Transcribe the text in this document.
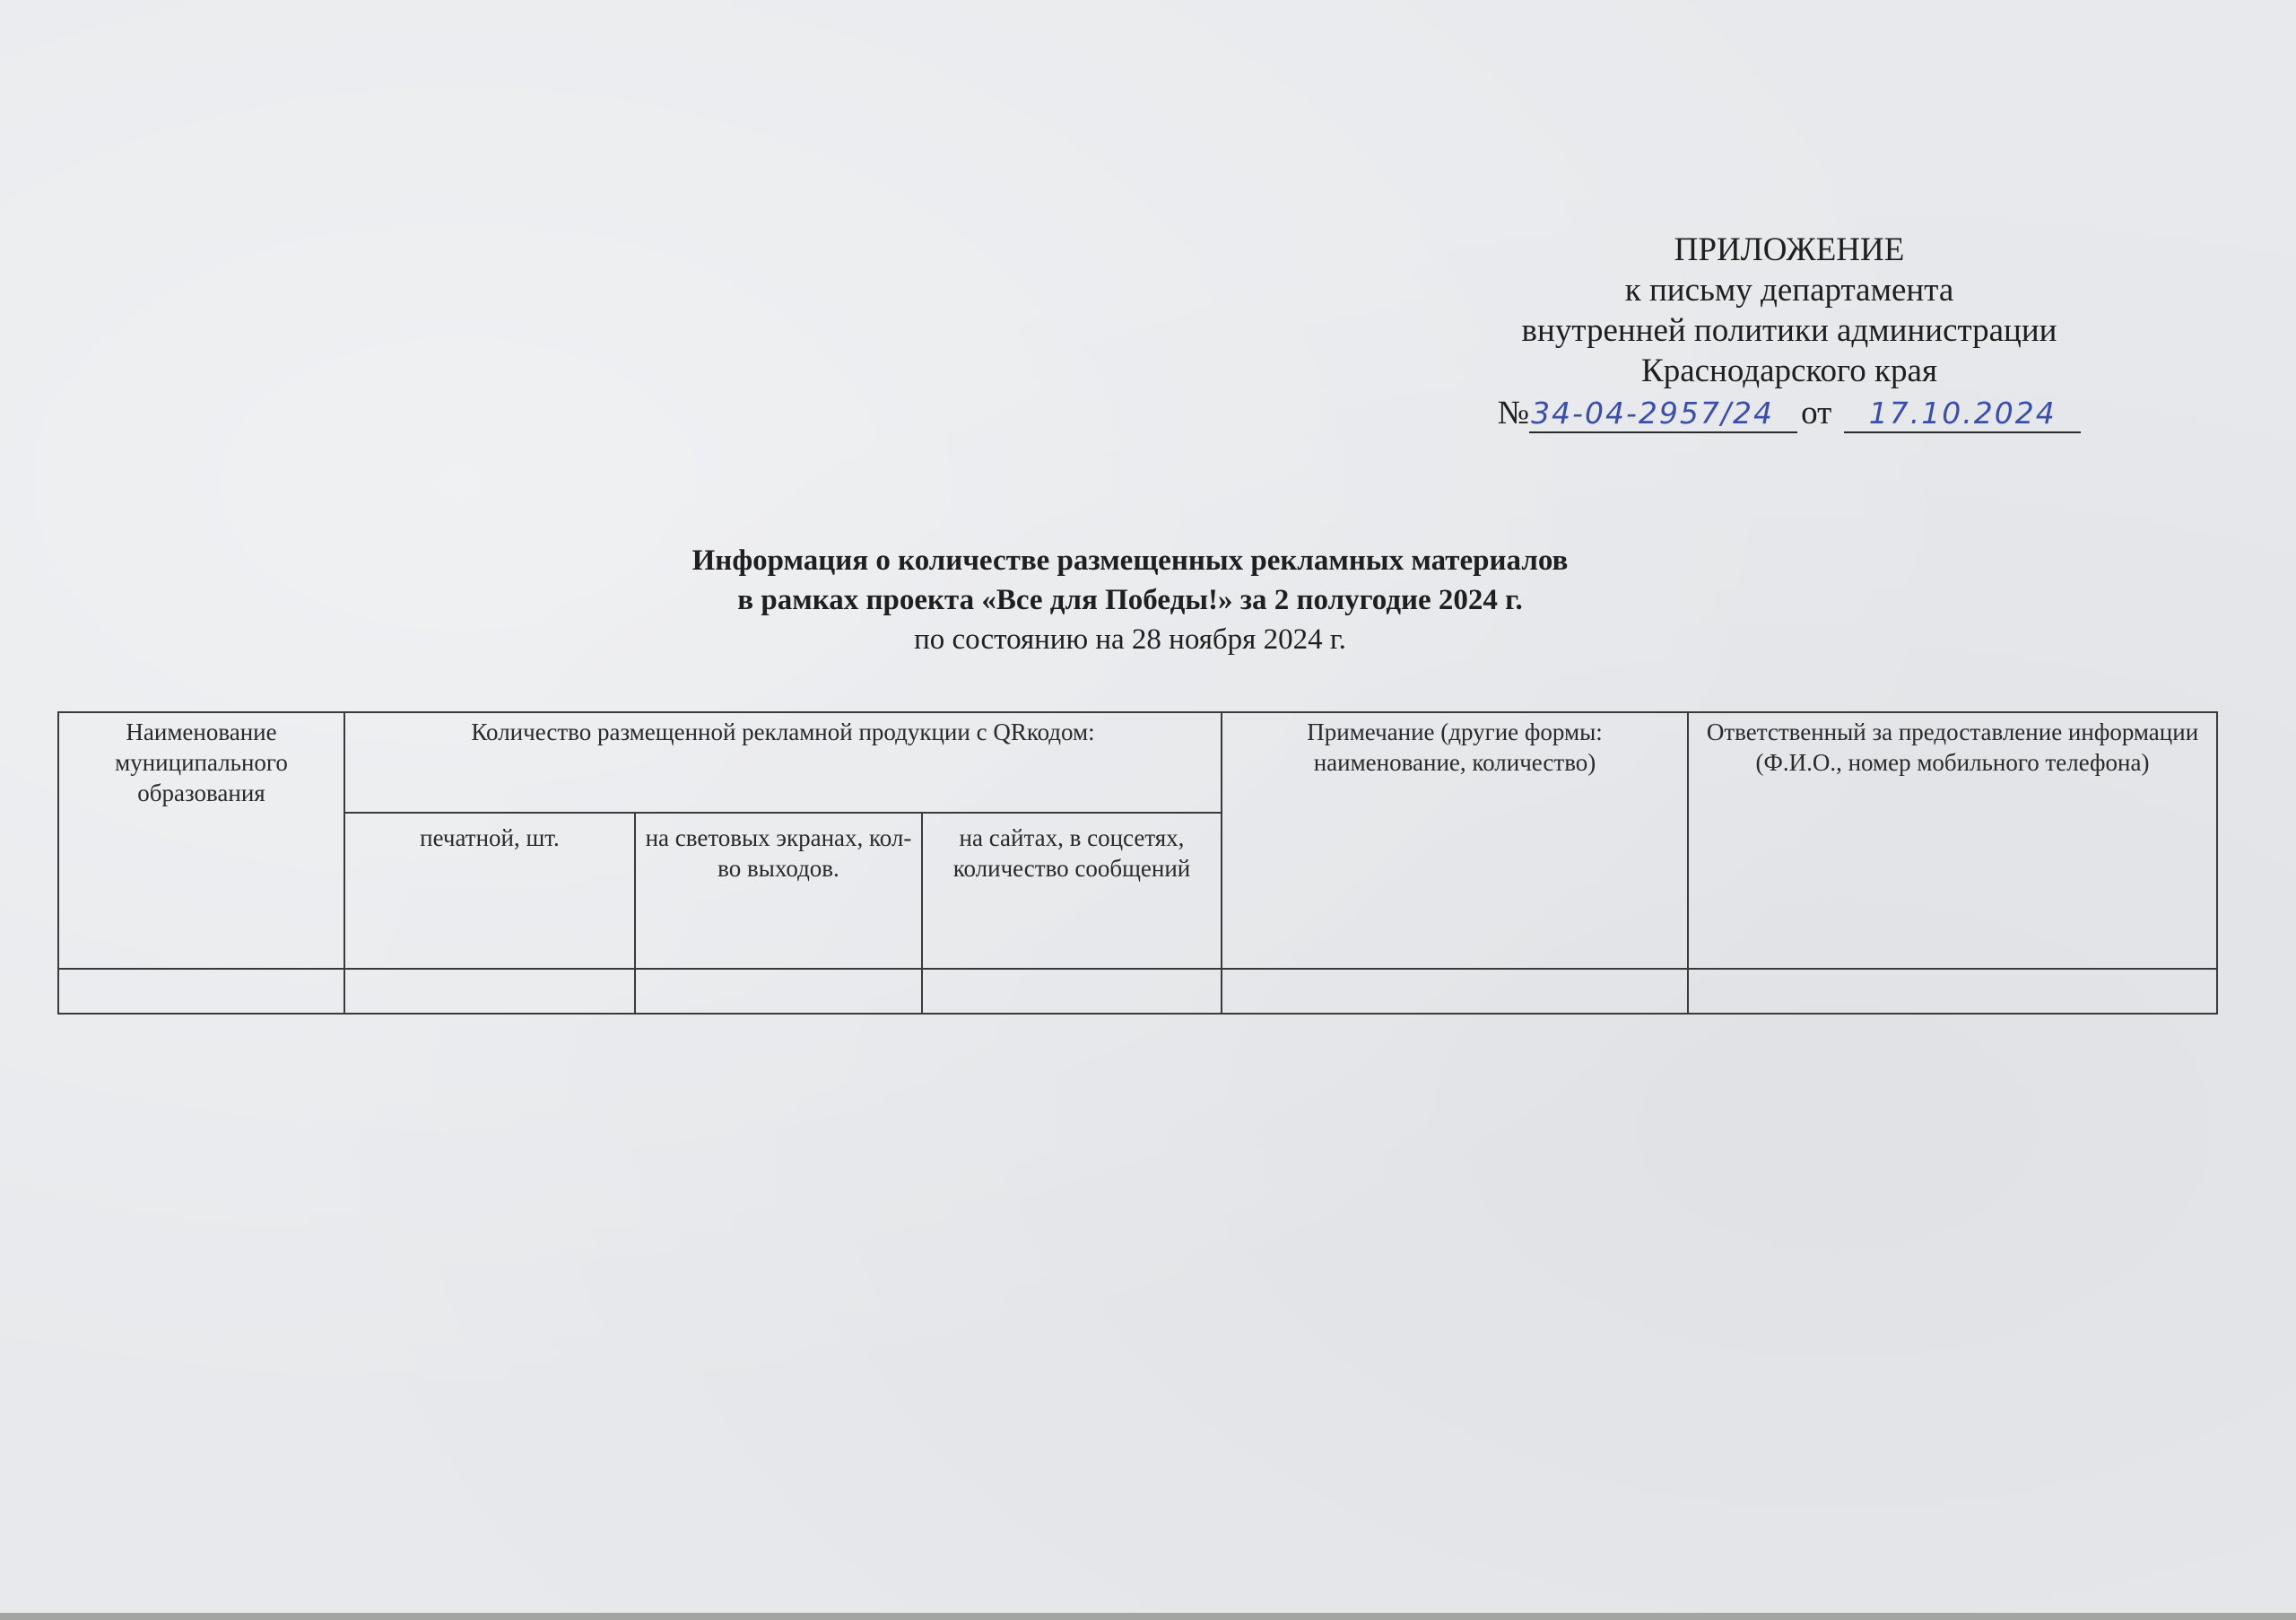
ПРИЛОЖЕНИЕ
к письму департамента
внутренней политики администрации
Краснодарского края
№34-04-2957/24 от 17.10.2024
Информация о количестве размещенных рекламных материалов
в рамках проекта «Все для Победы!» за 2 полугодие 2024 г.
по состоянию на 28 ноября 2024 г.
Наименование муниципального образования	Количество размещенной рекламной продукции с QRкодом:			Примечание (другие формы: наименование, количество)	Ответственный за предоставление информации (Ф.И.О., номер мобильного телефона)
	печатной, шт.	на световых экранах, кол-во выходов.	на сайтах, в соцсетях, количество сообщений		
